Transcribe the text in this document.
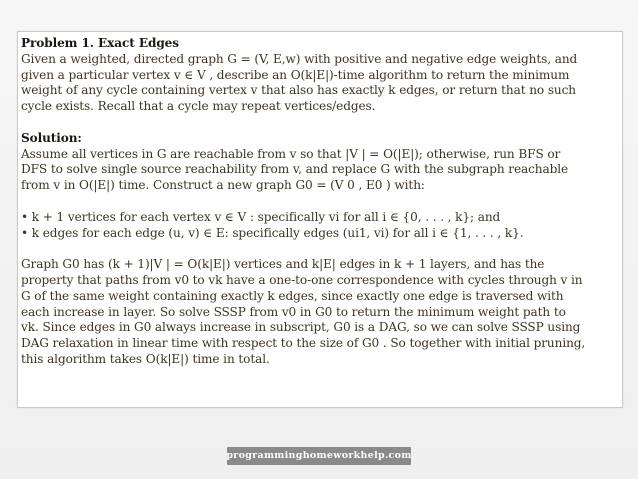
Problem 1. Exact Edges

Given a weighted, directed graph G = (V, E,w) with positive and negative edge weights, and

given a particular vertex v ∈ V , describe an O(k|E|)-time algorithm to return the minimum

weight of any cycle containing vertex v that also has exactly k edges, or return that no such

cycle exists. Recall that a cycle may repeat vertices/edges.

Solution:

Assume all vertices in G are reachable from v so that |V | = O(|E|); otherwise, run BFS or

DFS to solve single source reachability from v, and replace G with the subgraph reachable

from v in O(|E|) time. Construct a new graph G0 = (V 0 , E0 ) with:

• k + 1 vertices for each vertex v ∈ V : specifically vi for all i ∈ {0, . . . , k}; and

• k edges for each edge (u, v) ∈ E: specifically edges (ui1, vi) for all i ∈ {1, . . . , k}.

Graph G0 has (k + 1)|V | = O(k|E|) vertices and k|E| edges in k + 1 layers, and has the

property that paths from v0 to vk have a one-to-one correspondence with cycles through v in

G of the same weight containing exactly k edges, since exactly one edge is traversed with

each increase in layer. So solve SSSP from v0 in G0 to return the minimum weight path to

vk. Since edges in G0 always increase in subscript, G0 is a DAG, so we can solve SSSP using

DAG relaxation in linear time with respect to the size of G0 . So together with initial pruning,

this algorithm takes O(k|E|) time in total.

programminghomeworkhelp.com
